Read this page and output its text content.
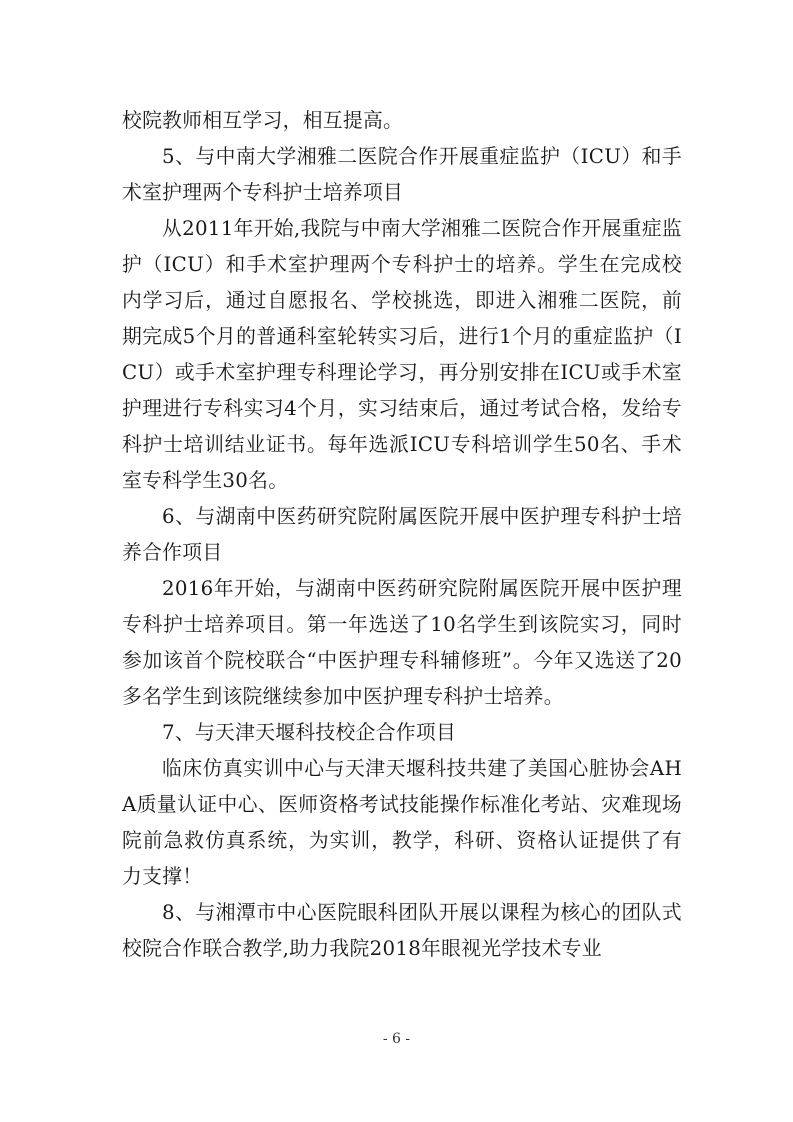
校院教师相互学习，相互提高。

5、与中南大学湘雅二医院合作开展重症监护（ICU）和手术室护理两个专科护士培养项目

从2011年开始,我院与中南大学湘雅二医院合作开展重症监护（ICU）和手术室护理两个专科护士的培养。学生在完成校内学习后，通过自愿报名、学校挑选，即进入湘雅二医院，前期完成5个月的普通科室轮转实习后，进行1个月的重症监护（ICU）或手术室护理专科理论学习，再分别安排在ICU或手术室护理进行专科实习4个月，实习结束后，通过考试合格，发给专科护士培训结业证书。每年选派ICU专科培训学生50名、手术室专科学生30名。

6、与湖南中医药研究院附属医院开展中医护理专科护士培养合作项目

2016年开始，与湖南中医药研究院附属医院开展中医护理专科护士培养项目。第一年选送了10名学生到该院实习，同时参加该首个院校联合“中医护理专科辅修班”。今年又选送了20多名学生到该院继续参加中医护理专科护士培养。

7、与天津天堰科技校企合作项目

临床仿真实训中心与天津天堰科技共建了美国心脏协会AHA质量认证中心、医师资格考试技能操作标准化考站、灾难现场院前急救仿真系统，为实训，教学，科研、资格认证提供了有力支撑！

8、与湘潭市中心医院眼科团队开展以课程为核心的团队式校院合作联合教学,助力我院2018年眼视光学技术专业

- 6 -
